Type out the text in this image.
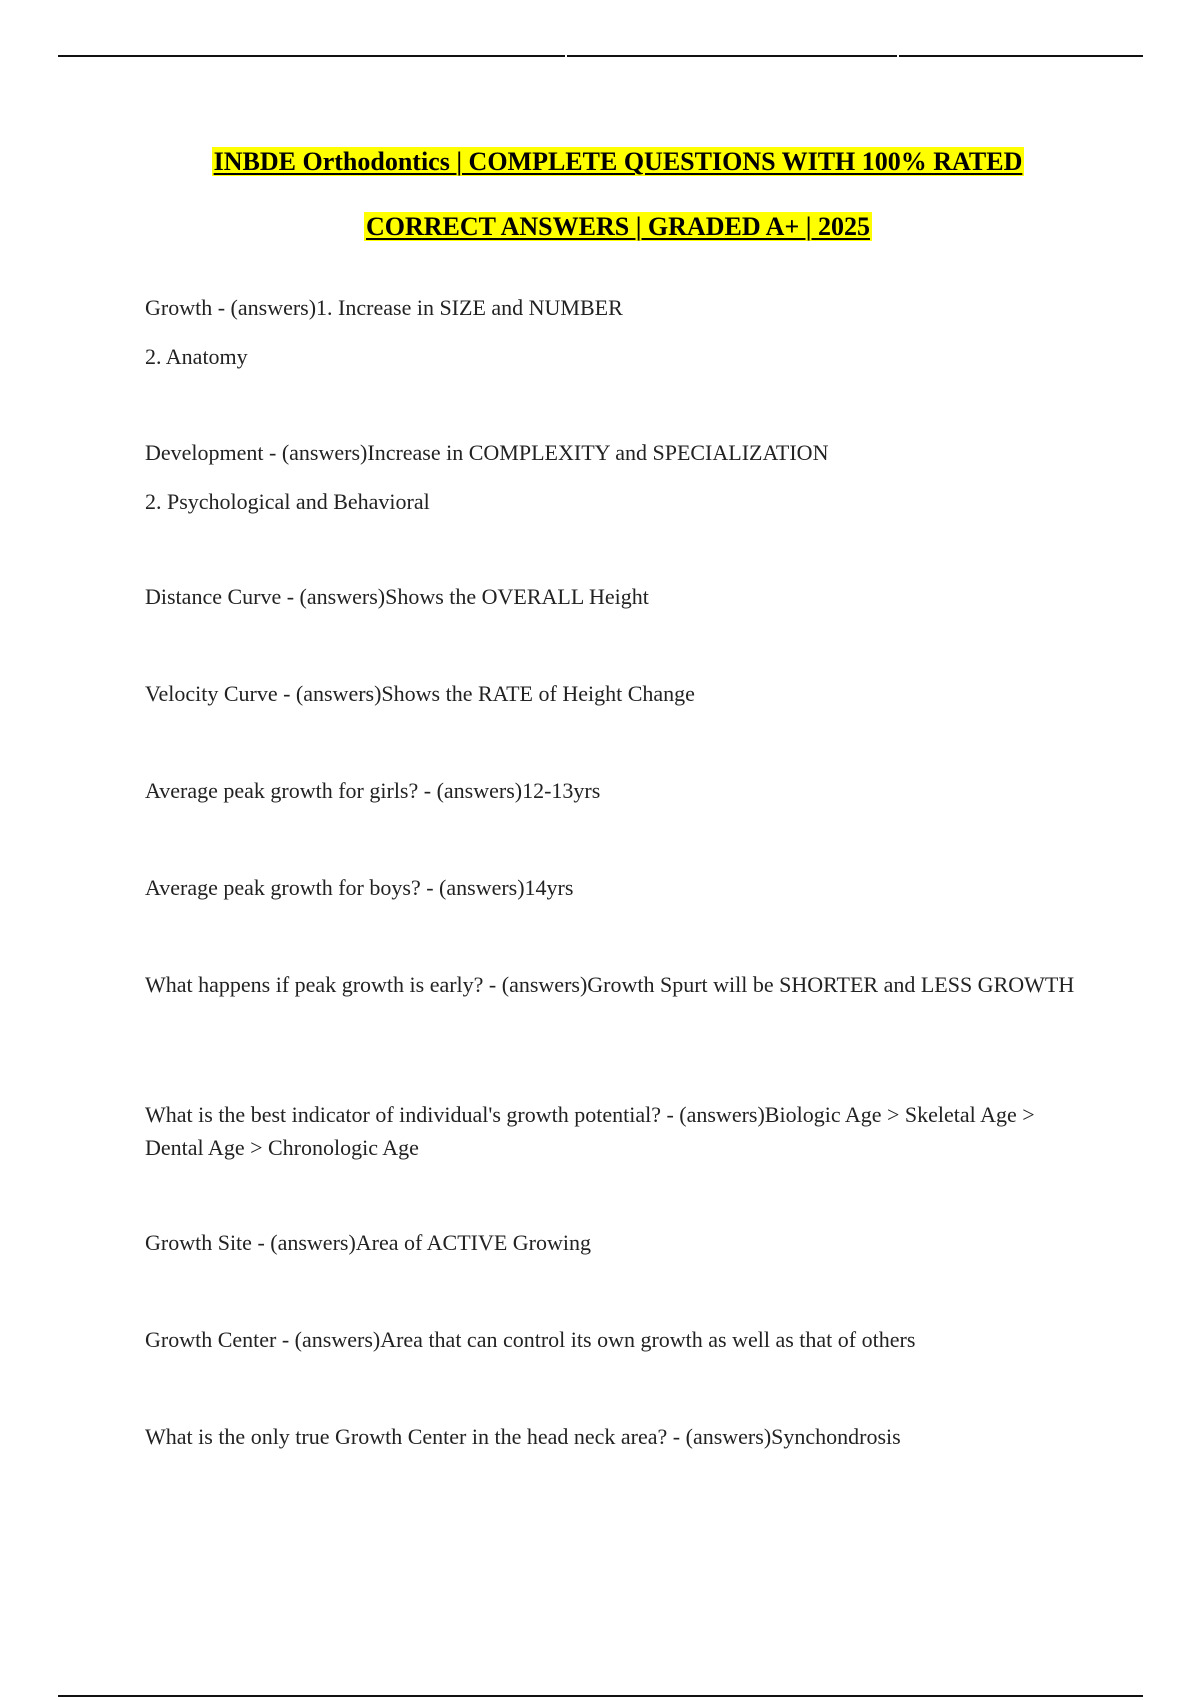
INBDE Orthodontics | COMPLETE QUESTIONS WITH 100% RATED
CORRECT ANSWERS | GRADED A+ | 2025
Growth - (answers)1. Increase in SIZE and NUMBER
2. Anatomy
Development - (answers)Increase in COMPLEXITY and SPECIALIZATION
2. Psychological and Behavioral
Distance Curve - (answers)Shows the OVERALL Height
Velocity Curve - (answers)Shows the RATE of Height Change
Average peak growth for girls? - (answers)12-13yrs
Average peak growth for boys? - (answers)14yrs
What happens if peak growth is early? - (answers)Growth Spurt will be SHORTER and LESS GROWTH
What is the best indicator of individual's growth potential? - (answers)Biologic Age > Skeletal Age > Dental Age > Chronologic Age
Growth Site - (answers)Area of ACTIVE Growing
Growth Center - (answers)Area that can control its own growth as well as that of others
What is the only true Growth Center in the head neck area? - (answers)Synchondrosis
